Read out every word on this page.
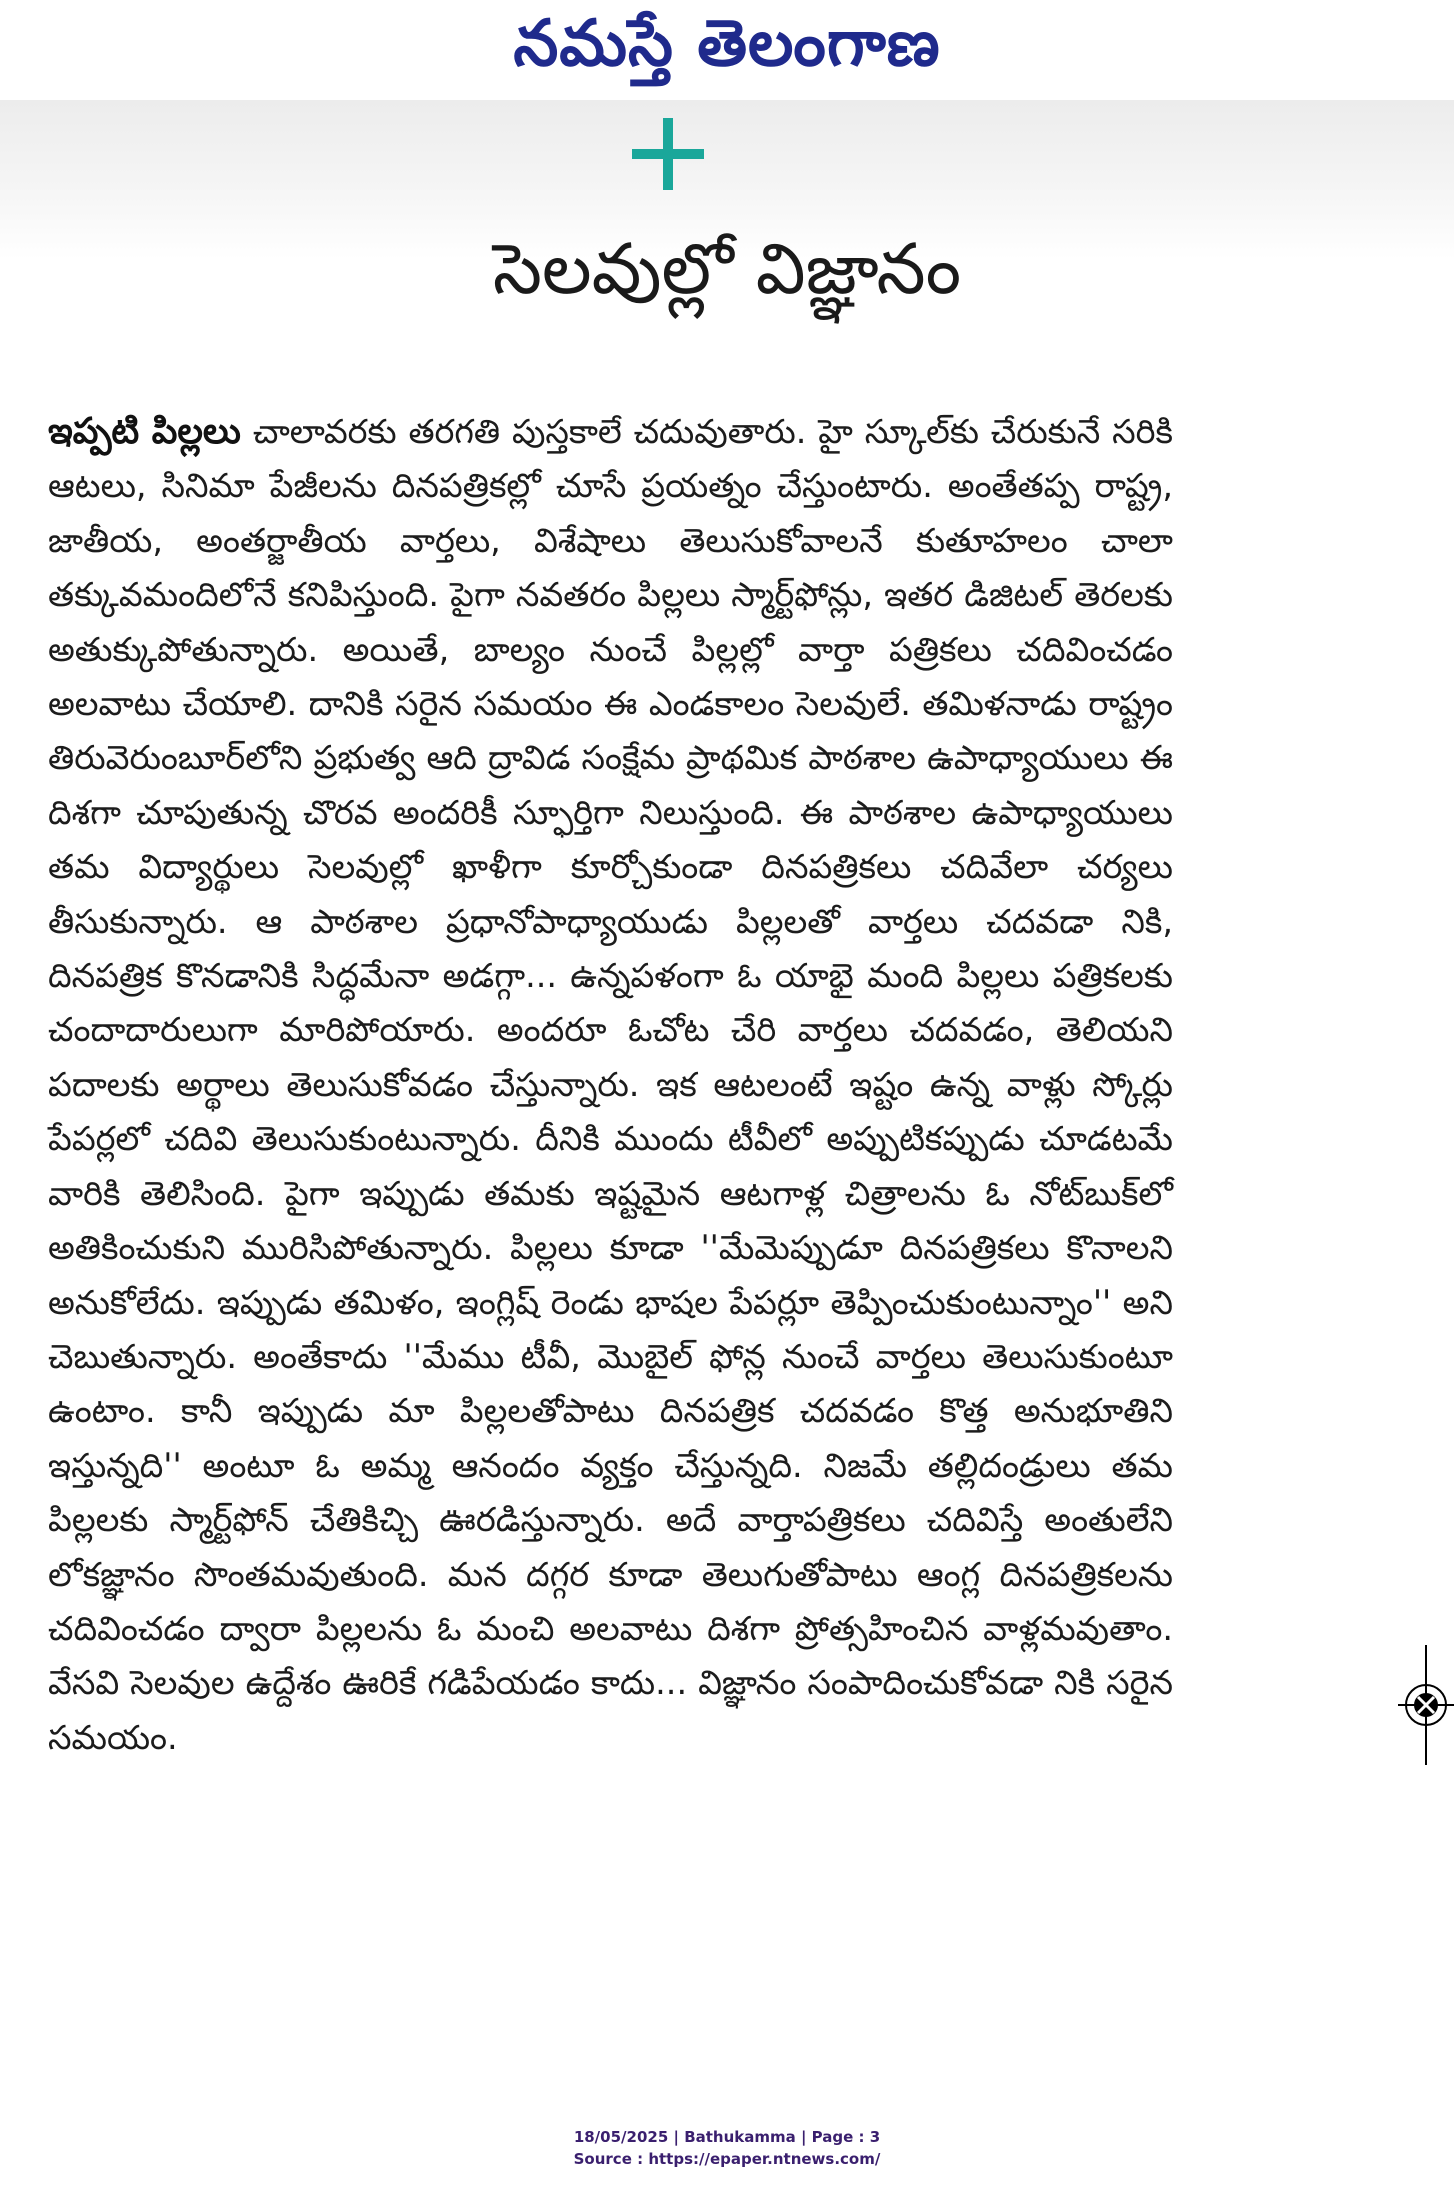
నమస్తే తెలంగాణ
సెలవుల్లో విజ్ఞానం
ఇప్పటి పిల్లలు చాలావరకు తరగతి పుస్తకాలే చదువుతారు. హై స్కూల్‌కు చేరుకునే సరికి ఆటలు, సినిమా పేజీలను దినపత్రికల్లో చూసే ప్రయత్నం చేస్తుంటారు. అంతేతప్ప రాష్ట్ర, జాతీయ, అంతర్జాతీయ వార్తలు, విశేషాలు తెలుసుకోవాలనే కుతూహలం చాలా తక్కువమందిలోనే కనిపిస్తుంది. పైగా నవతరం పిల్లలు స్మార్ట్‌ఫోన్లు, ఇతర డిజిటల్ తెరలకు అతుక్కుపోతున్నారు. అయితే, బాల్యం నుంచే పిల్లల్లో వార్తా పత్రికలు చదివించడం అలవాటు చేయాలి. దానికి సరైన సమయం ఈ ఎండకాలం సెలవులే. తమిళనాడు రాష్ట్రం తిరువెరుంబూర్‌లోని ప్రభుత్వ ఆది ద్రావిడ సంక్షేమ ప్రాథమిక పాఠశాల ఉపాధ్యాయులు ఈ దిశగా చూపుతున్న చొరవ అందరికీ స్ఫూర్తిగా నిలుస్తుంది. ఈ పాఠశాల ఉపాధ్యాయులు తమ విద్యార్థులు సెలవుల్లో ఖాళీగా కూర్చోకుండా దినపత్రికలు చదివేలా చర్యలు తీసుకున్నారు. ఆ పాఠశాల ప్రధానోపాధ్యాయుడు పిల్లలతో వార్తలు చదవడా నికి, దినపత్రిక కొనడానికి సిద్ధమేనా అడగ్గా... ఉన్నపళంగా ఓ యాభై మంది పిల్లలు పత్రికలకు చందాదారులుగా మారిపోయారు. అందరూ ఓచోట చేరి వార్తలు చదవడం, తెలియని పదాలకు అర్థాలు తెలుసుకోవడం చేస్తున్నారు. ఇక ఆటలంటే ఇష్టం ఉన్న వాళ్లు స్కోర్లు పేపర్లలో చదివి తెలుసుకుంటున్నారు. దీనికి ముందు టీవీలో అప్పుటికప్పుడు చూడటమే వారికి తెలిసింది. పైగా ఇప్పుడు తమకు ఇష్టమైన ఆటగాళ్ల చిత్రాలను ఓ నోట్‌బుక్‌లో అతికించుకుని మురిసిపోతున్నారు. పిల్లలు కూడా ''మేమెప్పుడూ దినపత్రికలు కొనాలని అనుకోలేదు. ఇప్పుడు తమిళం, ఇంగ్లిష్ రెండు భాషల పేపర్లూ తెప్పించుకుంటున్నాం'' అని చెబుతున్నారు. అంతేకాదు ''మేము టీవీ, మొబైల్ ఫోన్ల నుంచే వార్తలు తెలుసుకుంటూ ఉంటాం. కానీ ఇప్పుడు మా పిల్లలతోపాటు దినపత్రిక చదవడం కొత్త అనుభూతిని ఇస్తున్నది'' అంటూ ఓ అమ్మ ఆనందం వ్యక్తం చేస్తున్నది. నిజమే తల్లిదండ్రులు తమ పిల్లలకు స్మార్ట్‌ఫోన్ చేతికిచ్చి ఊరడిస్తున్నారు. అదే వార్తాపత్రికలు చదివిస్తే అంతులేని లోకజ్ఞానం సొంతమవుతుంది. మన దగ్గర కూడా తెలుగుతోపాటు ఆంగ్ల దినపత్రికలను చదివించడం ద్వారా పిల్లలను ఓ మంచి అలవాటు దిశగా ప్రోత్సహించిన వాళ్లమవుతాం. వేసవి సెలవుల ఉద్దేశం ఊరికే గడిపేయడం కాదు... విజ్ఞానం సంపాదించుకోవడా నికి సరైన సమయం.
18/05/2025 | Bathukamma | Page : 3
Source : https://epaper.ntnews.com/
